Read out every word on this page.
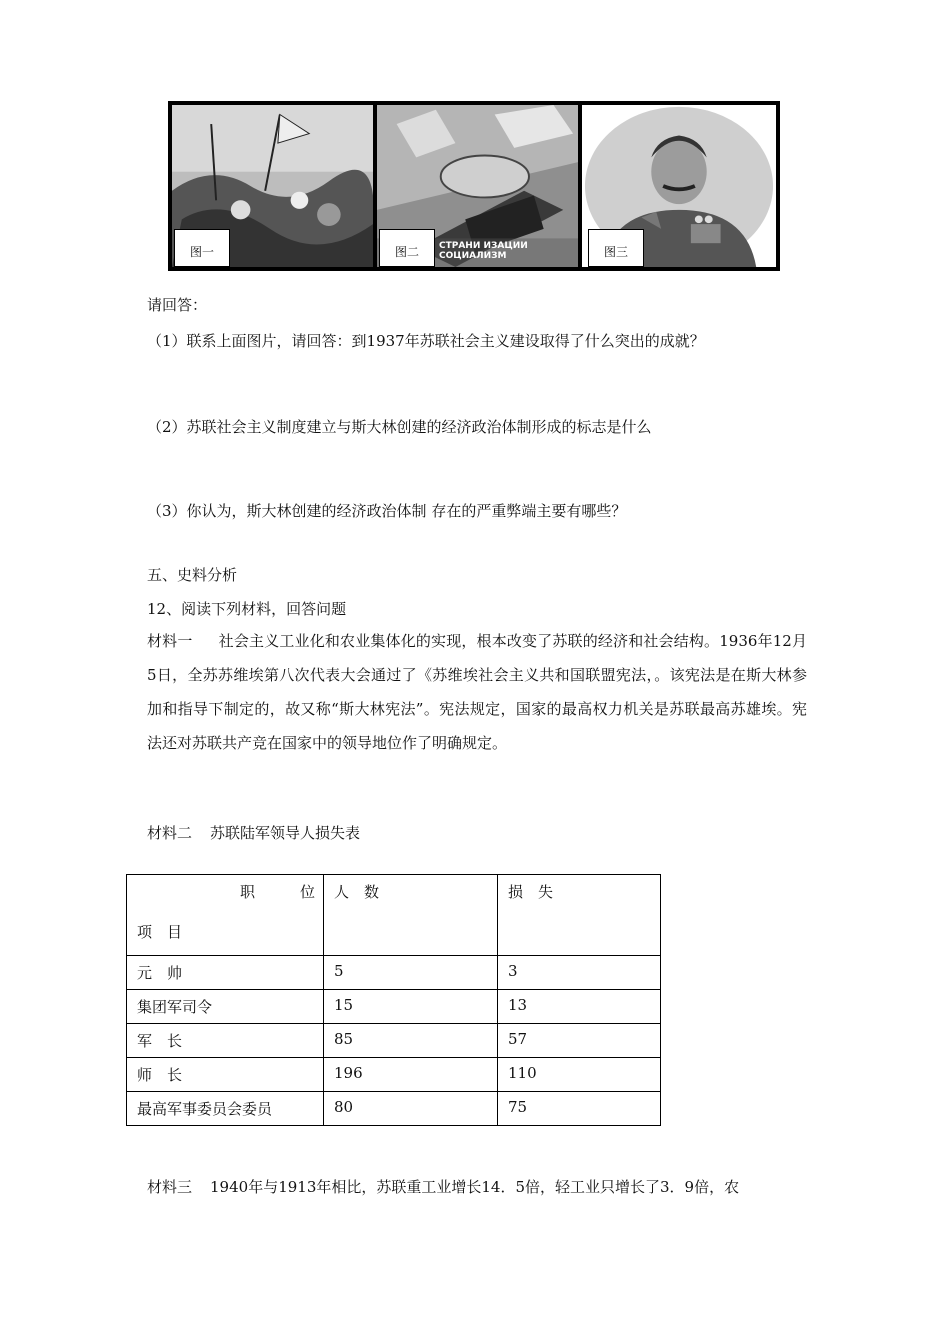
图一	图二	СТРАНИ ИЗАЦИИ СОЦИАЛИЗМ	图三
请回答：
（1）联系上面图片，请回答：到1937年苏联社会主义建设取得了什么突出的成就？
（2）苏联社会主义制度建立与斯大林创建的经济政治体制形成的标志是什么
（3）你认为，斯大林创建的经济政治体制 存在的严重弊端主要有哪些？
五、史料分析
12、阅读下列材料，回答问题
材料一 社会主义工业化和农业集体化的实现，根本改变了苏联的经济和社会结构。1936年12月5日，全苏苏维埃第八次代表大会通过了《苏维埃社会主义共和国联盟宪法，。该宪法是在斯大林参加和指导下制定的，故又称“斯大林宪法”。宪法规定，国家的最高权力机关是苏联最高苏雄埃。宪法还对苏联共产竞在国家中的领导地位作了明确规定。
材料二 苏联陆军领导人损失表
职　　　位
项　目	人　数	损　失
元　帅	5	3
集团军司令	15	13
军　长	85	57
师　长	196	110
最高军事委员会委员	80	75
材料三 1940年与1913年相比，苏联重工业增长14．5倍，轻工业只增长了3．9倍，农
